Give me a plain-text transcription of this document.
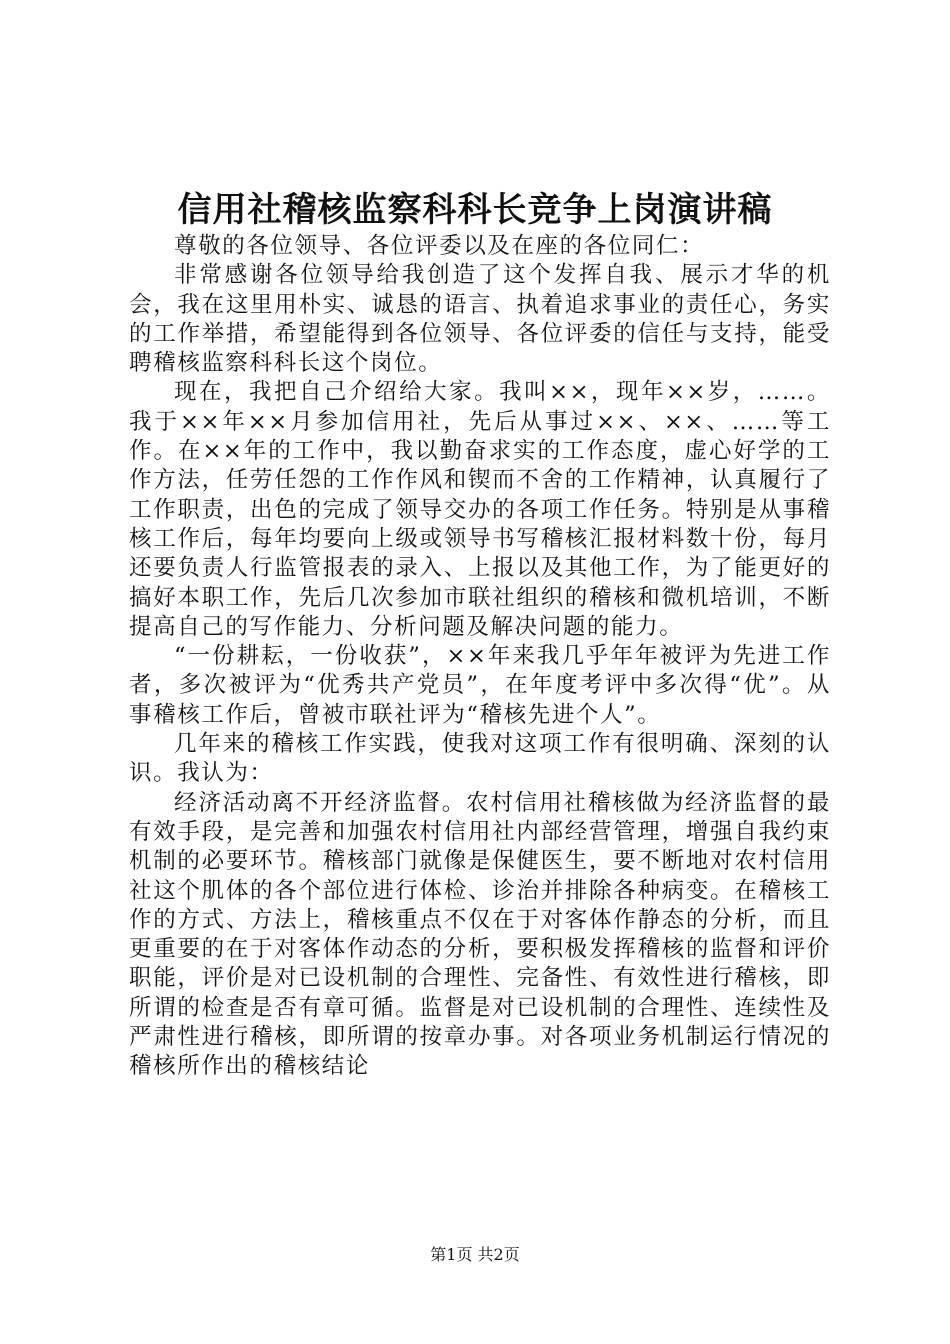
信用社稽核监察科科长竞争上岗演讲稿

尊敬的各位领导、各位评委以及在座的各位同仁：

非常感谢各位领导给我创造了这个发挥自我、展示才华的机会，我在这里用朴实、诚恳的语言、执着追求事业的责任心，务实的工作举措，希望能得到各位领导、各位评委的信任与支持，能受聘稽核监察科科长这个岗位。

现在，我把自己介绍给大家。我叫××，现年××岁，……。我于××年××月参加信用社，先后从事过××、××、……等工作。在××年的工作中，我以勤奋求实的工作态度，虚心好学的工作方法，任劳任怨的工作作风和锲而不舍的工作精神，认真履行了工作职责，出色的完成了领导交办的各项工作任务。特别是从事稽核工作后，每年均要向上级或领导书写稽核汇报材料数十份，每月还要负责人行监管报表的录入、上报以及其他工作，为了能更好的搞好本职工作，先后几次参加市联社组织的稽核和微机培训，不断提高自己的写作能力、分析问题及解决问题的能力。

“一份耕耘，一份收获”，××年来我几乎年年被评为先进工作者，多次被评为“优秀共产党员”，在年度考评中多次得“优”。从事稽核工作后，曾被市联社评为“稽核先进个人”。

几年来的稽核工作实践，使我对这项工作有很明确、深刻的认识。我认为：

经济活动离不开经济监督。农村信用社稽核做为经济监督的最有效手段，是完善和加强农村信用社内部经营管理，增强自我约束机制的必要环节。稽核部门就像是保健医生，要不断地对农村信用社这个肌体的各个部位进行体检、诊治并排除各种病变。在稽核工作的方式、方法上，稽核重点不仅在于对客体作静态的分析，而且更重要的在于对客体作动态的分析，要积极发挥稽核的监督和评价职能，评价是对已设机制的合理性、完备性、有效性进行稽核，即所谓的检查是否有章可循。监督是对已设机制的合理性、连续性及严肃性进行稽核，即所谓的按章办事。对各项业务机制运行情况的稽核所作出的稽核结论

第1页 共2页
